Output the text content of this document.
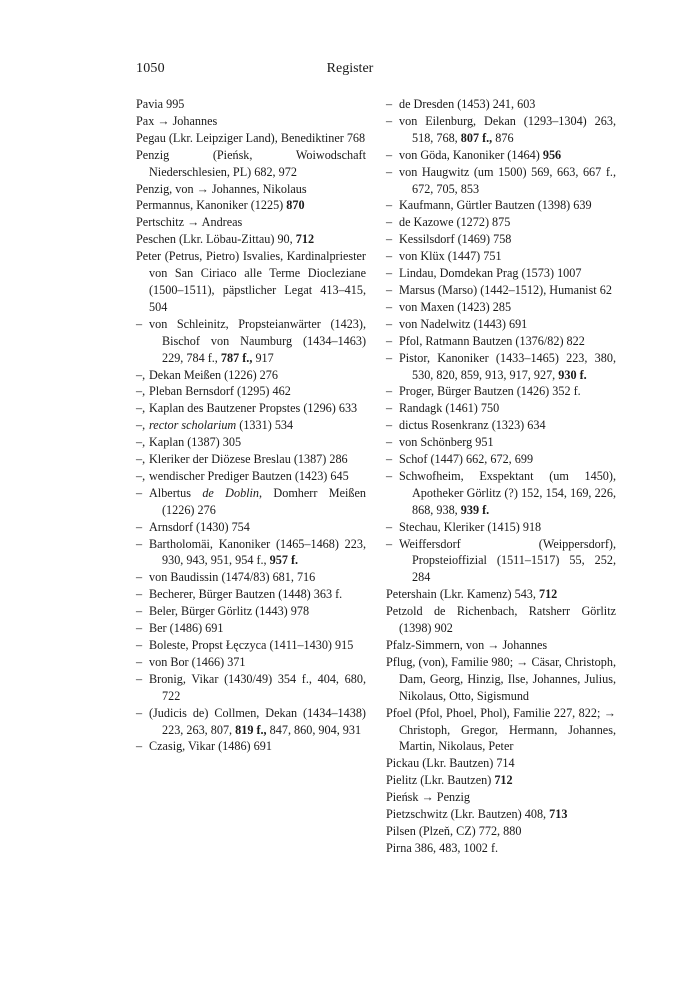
1050	Register
Pavia 995
Pax → Johannes
Pegau (Lkr. Leipziger Land), Benediktiner 768
Penzig (Pieńsk, Woiwodschaft Niederschlesien, PL) 682, 972
Penzig, von → Johannes, Nikolaus
Permannus, Kanoniker (1225) 870
Pertschitz → Andreas
Peschen (Lkr. Löbau-Zittau) 90, 712
Peter (Petrus, Pietro) Isvalies, Kardinalpriester von San Ciriaco alle Terme Diocleziane (1500–1511), päpstlicher Legat 413–415, 504
– von Schleinitz, Propsteianwärter (1423), Bischof von Naumburg (1434–1463) 229, 784 f., 787 f., 917
–, Dekan Meißen (1226) 276
–, Pleban Bernsdorf (1295) 462
–, Kaplan des Bautzener Propstes (1296) 633
–, rector scholarium (1331) 534
–, Kaplan (1387) 305
–, Kleriker der Diözese Breslau (1387) 286
–, wendischer Prediger Bautzen (1423) 645
– Albertus de Doblin, Domherr Meißen (1226) 276
– Arnsdorf (1430) 754
– Bartholomäi, Kanoniker (1465–1468) 223, 930, 943, 951, 954 f., 957 f.
– von Baudissin (1474/83) 681, 716
– Becherer, Bürger Bautzen (1448) 363 f.
– Beler, Bürger Görlitz (1443) 978
– Ber (1486) 691
– Boleste, Propst Łęczyca (1411–1430) 915
– von Bor (1466) 371
– Bronig, Vikar (1430/49) 354 f., 404, 680, 722
– (Judicis de) Collmen, Dekan (1434–1438) 223, 263, 807, 819 f., 847, 860, 904, 931
– Czasig, Vikar (1486) 691
– de Dresden (1453) 241, 603
– von Eilenburg, Dekan (1293–1304) 263, 518, 768, 807 f., 876
– von Göda, Kanoniker (1464) 956
– von Haugwitz (um 1500) 569, 663, 667 f., 672, 705, 853
– Kaufmann, Gürtler Bautzen (1398) 639
– de Kazowe (1272) 875
– Kessilsdorf (1469) 758
– von Klüx (1447) 751
– Lindau, Domdekan Prag (1573) 1007
– Marsus (Marso) (1442–1512), Humanist 62
– von Maxen (1423) 285
– von Nadelwitz (1443) 691
– Pfol, Ratmann Bautzen (1376/82) 822
– Pistor, Kanoniker (1433–1465) 223, 380, 530, 820, 859, 913, 917, 927, 930 f.
– Proger, Bürger Bautzen (1426) 352 f.
– Randagk (1461) 750
– dictus Rosenkranz (1323) 634
– von Schönberg 951
– Schof (1447) 662, 672, 699
– Schwofheim, Exspektant (um 1450), Apotheker Görlitz (?) 152, 154, 169, 226, 868, 938, 939 f.
– Stechau, Kleriker (1415) 918
– Weiffersdorf (Weippersdorf), Propsteioffizial (1511–1517) 55, 252, 284
Petershain (Lkr. Kamenz) 543, 712
Petzold de Richenbach, Ratsherr Görlitz (1398) 902
Pfalz-Simmern, von → Johannes
Pflug, (von), Familie 980; → Cäsar, Christoph, Dam, Georg, Hinzig, Ilse, Johannes, Julius, Nikolaus, Otto, Sigismund
Pfoel (Pfol, Phoel, Phol), Familie 227, 822; → Christoph, Gregor, Hermann, Johannes, Martin, Nikolaus, Peter
Pickau (Lkr. Bautzen) 714
Pielitz (Lkr. Bautzen) 712
Pieńsk → Penzig
Pietzschwitz (Lkr. Bautzen) 408, 713
Pilsen (Plzeň, CZ) 772, 880
Pirna 386, 483, 1002 f.
